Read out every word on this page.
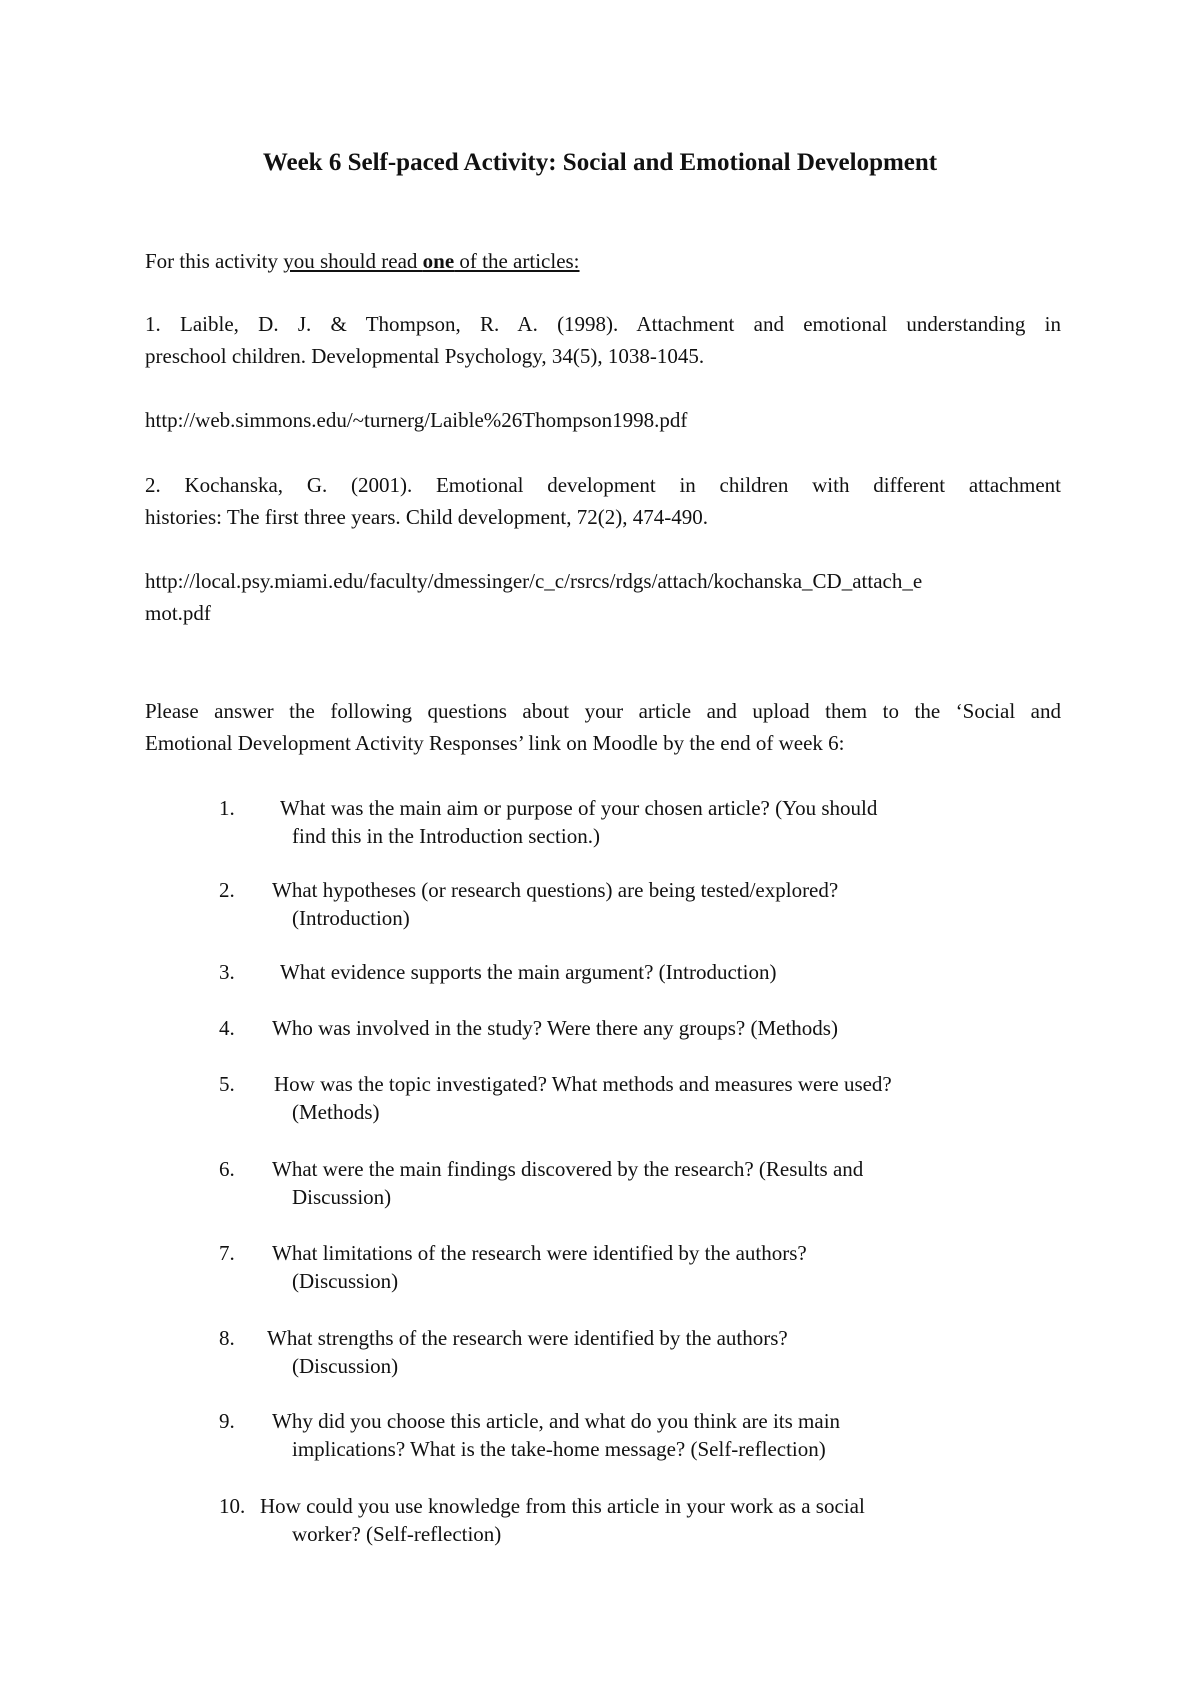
Week 6 Self-paced Activity: Social and Emotional Development
For this activity you should read one of the articles:
1. Laible, D. J. & Thompson, R. A. (1998). Attachment and emotional understanding in
preschool children. Developmental Psychology, 34(5), 1038-1045.
http://web.simmons.edu/~turnerg/Laible%26Thompson1998.pdf
2. Kochanska, G. (2001). Emotional development in children with different attachment
histories: The first three years. Child development, 72(2), 474-490.
http://local.psy.miami.edu/faculty/dmessinger/c_c/rsrcs/rdgs/attach/kochanska_CD_attach_e
mot.pdf
Please answer the following questions about your article and upload them to the ‘Social and
Emotional Development Activity Responses’ link on Moodle by the end of week 6:
1. What was the main aim or purpose of your chosen article? (You should
find this in the Introduction section.)
2. What hypotheses (or research questions) are being tested/explored?
(Introduction)
3. What evidence supports the main argument? (Introduction)
4. Who was involved in the study? Were there any groups? (Methods)
5. How was the topic investigated? What methods and measures were used?
(Methods)
6. What were the main findings discovered by the research? (Results and
Discussion)
7. What limitations of the research were identified by the authors?
(Discussion)
8. What strengths of the research were identified by the authors?
(Discussion)
9. Why did you choose this article, and what do you think are its main
implications? What is the take-home message? (Self-reflection)
10. How could you use knowledge from this article in your work as a social
worker? (Self-reflection)
